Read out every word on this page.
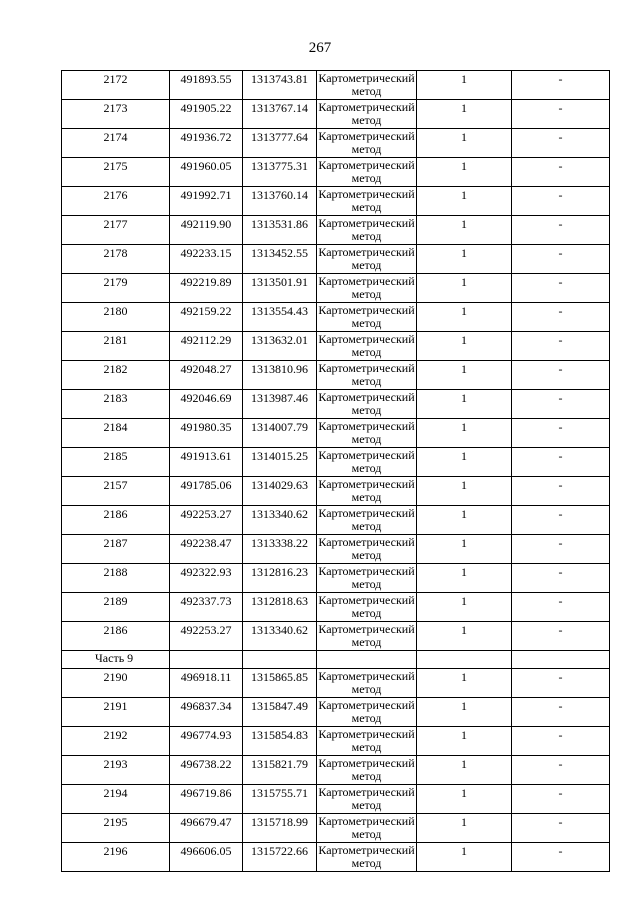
267
2172	491893.55	1313743.81	Картометрический метод	1	-
2173	491905.22	1313767.14	Картометрический метод	1	-
2174	491936.72	1313777.64	Картометрический метод	1	-
2175	491960.05	1313775.31	Картометрический метод	1	-
2176	491992.71	1313760.14	Картометрический метод	1	-
2177	492119.90	1313531.86	Картометрический метод	1	-
2178	492233.15	1313452.55	Картометрический метод	1	-
2179	492219.89	1313501.91	Картометрический метод	1	-
2180	492159.22	1313554.43	Картометрический метод	1	-
2181	492112.29	1313632.01	Картометрический метод	1	-
2182	492048.27	1313810.96	Картометрический метод	1	-
2183	492046.69	1313987.46	Картометрический метод	1	-
2184	491980.35	1314007.79	Картометрический метод	1	-
2185	491913.61	1314015.25	Картометрический метод	1	-
2157	491785.06	1314029.63	Картометрический метод	1	-
2186	492253.27	1313340.62	Картометрический метод	1	-
2187	492238.47	1313338.22	Картометрический метод	1	-
2188	492322.93	1312816.23	Картометрический метод	1	-
2189	492337.73	1312818.63	Картометрический метод	1	-
2186	492253.27	1313340.62	Картометрический метод	1	-
Часть 9					
2190	496918.11	1315865.85	Картометрический метод	1	-
2191	496837.34	1315847.49	Картометрический метод	1	-
2192	496774.93	1315854.83	Картометрический метод	1	-
2193	496738.22	1315821.79	Картометрический метод	1	-
2194	496719.86	1315755.71	Картометрический метод	1	-
2195	496679.47	1315718.99	Картометрический метод	1	-
2196	496606.05	1315722.66	Картометрический метод	1	-
